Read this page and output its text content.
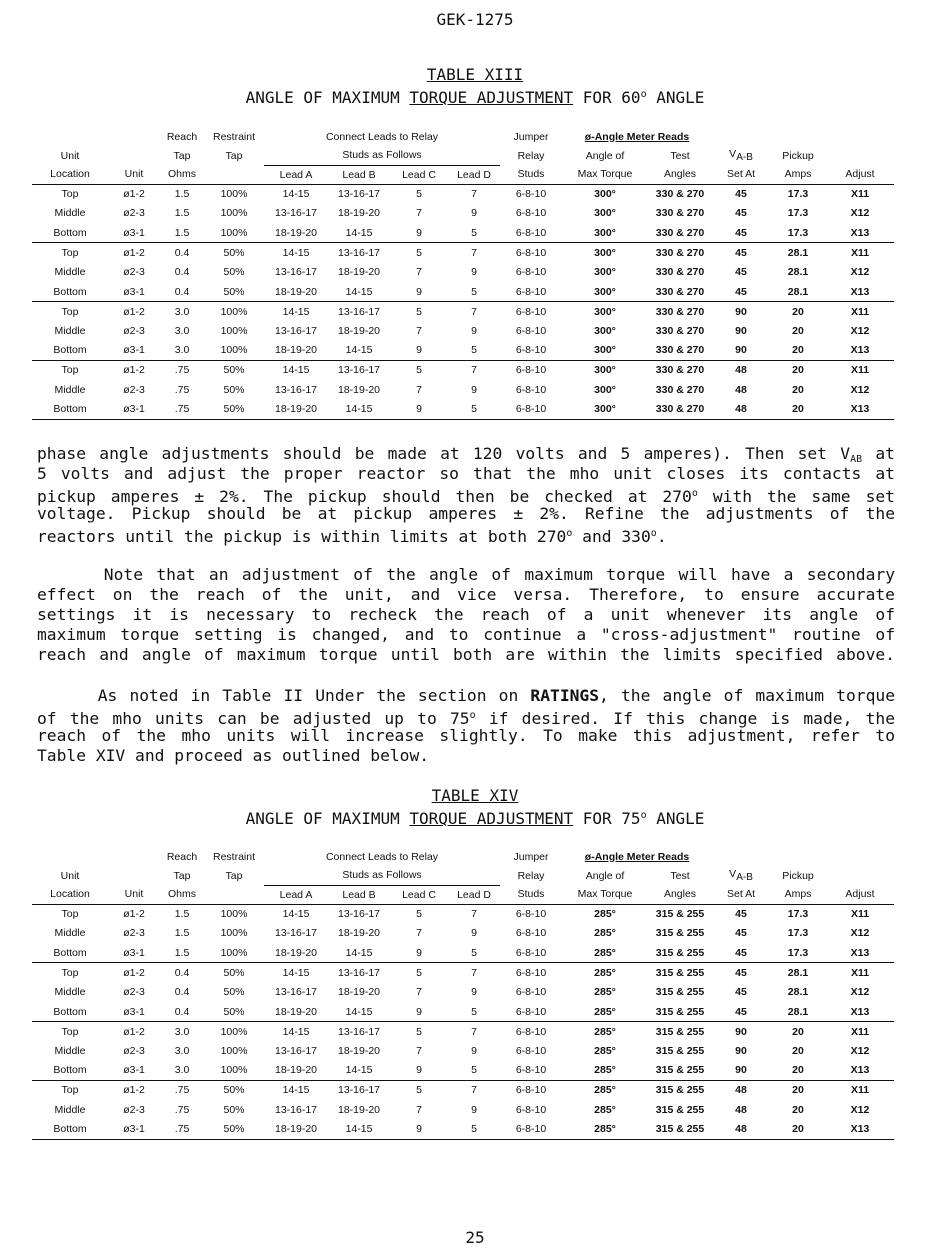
GEK-1275
TABLE XIII
ANGLE OF MAXIMUM TORQUE ADJUSTMENT FOR 60$^o$ ANGLE
		Reach	Restraint	Connect Leads to Relay				Jumper	ø-Angle Meter Reads				
Unit		Tap	Tap	Studs as Follows				Relay	Angle of	Test	$V_{A-B}$	Pickup	
Location	Unit	Ohms		Lead A	Lead B	Lead C	Lead D	Studs	Max Torque	Angles	Set At	Amps	Adjust
Top	ø1-2	1.5	100%	14-15	13-16-17	5	7	6-8-10	300°	330 & 270	45	17.3	X11
Middle	ø2-3	1.5	100%	13-16-17	18-19-20	7	9	6-8-10	300°	330 & 270	45	17.3	X12
Bottom	ø3-1	1.5	100%	18-19-20	14-15	9	5	6-8-10	300°	330 & 270	45	17.3	X13
Top	ø1-2	0.4	50%	14-15	13-16-17	5	7	6-8-10	300°	330 & 270	45	28.1	X11
Middle	ø2-3	0.4	50%	13-16-17	18-19-20	7	9	6-8-10	300°	330 & 270	45	28.1	X12
Bottom	ø3-1	0.4	50%	18-19-20	14-15	9	5	6-8-10	300°	330 & 270	45	28.1	X13
Top	ø1-2	3.0	100%	14-15	13-16-17	5	7	6-8-10	300°	330 & 270	90	20	X11
Middle	ø2-3	3.0	100%	13-16-17	18-19-20	7	9	6-8-10	300°	330 & 270	90	20	X12
Bottom	ø3-1	3.0	100%	18-19-20	14-15	9	5	6-8-10	300°	330 & 270	90	20	X13
Top	ø1-2	.75	50%	14-15	13-16-17	5	7	6-8-10	300°	330 & 270	48	20	X11
Middle	ø2-3	.75	50%	13-16-17	18-19-20	7	9	6-8-10	300°	330 & 270	48	20	X12
Bottom	ø3-1	.75	50%	18-19-20	14-15	9	5	6-8-10	300°	330 & 270	48	20	X13
phase angle adjustments should be made at 120 volts and 5 amperes). Then set $V_{AB}$ at
5 volts and adjust the proper reactor so that the mho unit closes its contacts at
pickup amperes ± 2%. The pickup should then be checked at 270$^o$ with the same set
voltage. Pickup should be at pickup amperes ± 2%. Refine the adjustments of the
reactors until the pickup is within limits at both 270$^o$ and 330$^o$.
Note that an adjustment of the angle of maximum torque will have a secondary
effect on the reach of the unit, and vice versa. Therefore, to ensure accurate
settings it is necessary to recheck the reach of a unit whenever its angle of
maximum torque setting is changed, and to continue a "cross-adjustment" routine of
reach and angle of maximum torque until both are within the limits specified above.
As noted in Table II Under the section on RATINGS, the angle of maximum torque
of the mho units can be adjusted up to 75$^o$ if desired. If this change is made, the
reach of the mho units will increase slightly. To make this adjustment, refer to
Table XIV and proceed as outlined below.
TABLE XIV
ANGLE OF MAXIMUM TORQUE ADJUSTMENT FOR 75$^o$ ANGLE
		Reach	Restraint	Connect Leads to Relay				Jumper	ø-Angle Meter Reads				
Unit		Tap	Tap	Studs as Follows				Relay	Angle of	Test	$V_{A-B}$	Pickup	
Location	Unit	Ohms		Lead A	Lead B	Lead C	Lead D	Studs	Max Torque	Angles	Set At	Amps	Adjust
Top	ø1-2	1.5	100%	14-15	13-16-17	5	7	6-8-10	285°	315 & 255	45	17.3	X11
Middle	ø2-3	1.5	100%	13-16-17	18-19-20	7	9	6-8-10	285°	315 & 255	45	17.3	X12
Bottom	ø3-1	1.5	100%	18-19-20	14-15	9	5	6-8-10	285°	315 & 255	45	17.3	X13
Top	ø1-2	0.4	50%	14-15	13-16-17	5	7	6-8-10	285°	315 & 255	45	28.1	X11
Middle	ø2-3	0.4	50%	13-16-17	18-19-20	7	9	6-8-10	285°	315 & 255	45	28.1	X12
Bottom	ø3-1	0.4	50%	18-19-20	14-15	9	5	6-8-10	285°	315 & 255	45	28.1	X13
Top	ø1-2	3.0	100%	14-15	13-16-17	5	7	6-8-10	285°	315 & 255	90	20	X11
Middle	ø2-3	3.0	100%	13-16-17	18-19-20	7	9	6-8-10	285°	315 & 255	90	20	X12
Bottom	ø3-1	3.0	100%	18-19-20	14-15	9	5	6-8-10	285°	315 & 255	90	20	X13
Top	ø1-2	.75	50%	14-15	13-16-17	5	7	6-8-10	285°	315 & 255	48	20	X11
Middle	ø2-3	.75	50%	13-16-17	18-19-20	7	9	6-8-10	285°	315 & 255	48	20	X12
Bottom	ø3-1	.75	50%	18-19-20	14-15	9	5	6-8-10	285°	315 & 255	48	20	X13
25
